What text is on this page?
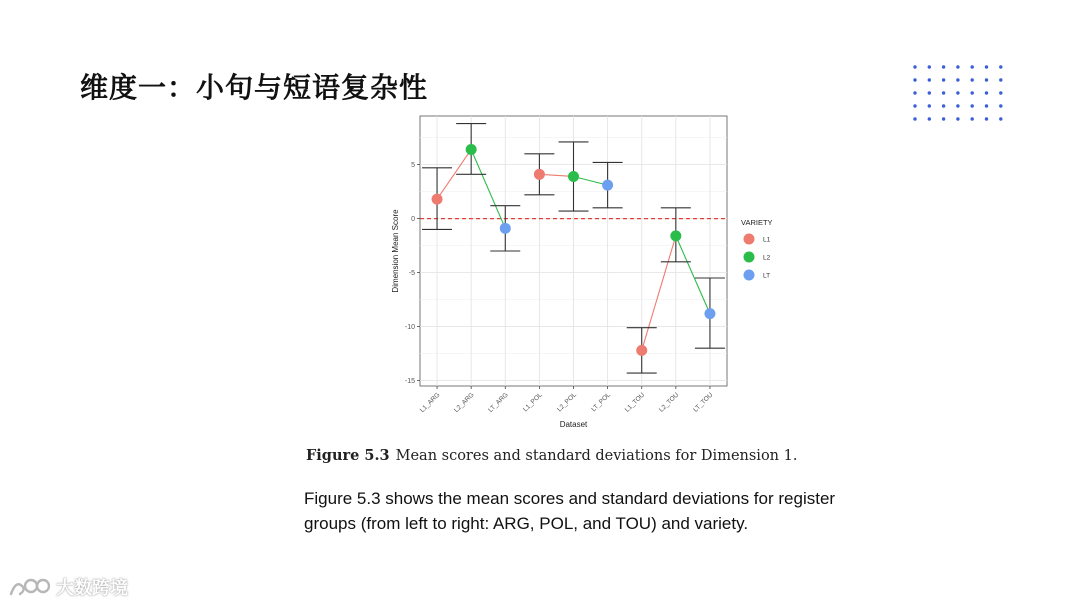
维度一：小句与短语复杂性
5
0
-5
-10
-15
L1_ARG L2_ARG LT_ARG L1_POL L2_POL LT_POL L1_TOU L2_TOU LT_TOU
Dataset
Dimension Mean Score	VARIETY
L1
L2
LT
Figure 5.3 Mean scores and standard deviations for Dimension 1.
Figure 5.3 shows the mean scores and standard deviations for register groups (from left to right: ARG, POL, and TOU) and variety.
大数跨境
